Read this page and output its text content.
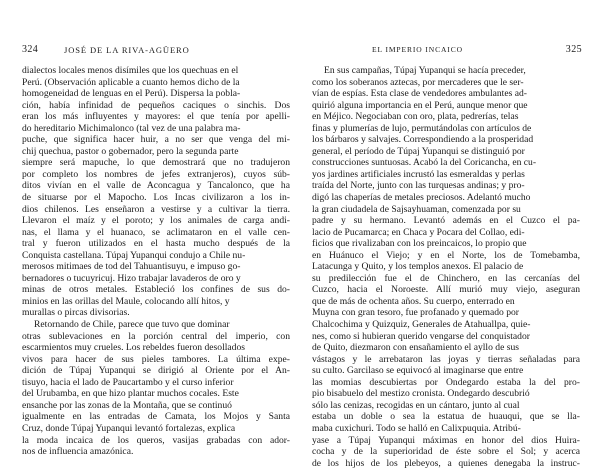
324	JOSÉ DE LA RIVA-AGÜERO
dialectos locales menos disímiles que los quechuas en el
Perú. (Observación aplicable a cuanto hemos dicho de la
homogeneidad de lenguas en el Perú). Dispersa la pobla-
ción, había infinidad de pequeños caciques o sinchis. Dos
eran los más influyentes y mayores: el que tenía por apelli-
do hereditario Michimalonco (tal vez de una palabra ma-
puche, que significa hacer huir, a no ser que venga del mi-
chij quechua, pastor o gobernador, pero la segunda parte
siempre será mapuche, lo que demostrará que no tradujeron
por completo los nombres de jefes extranjeros), cuyos súb-
ditos vivían en el valle de Aconcagua y Tancalonco, que ha
de situarse por el Mapocho. Los Incas civilizaron a los in-
dios chilenos. Les enseñaron a vestirse y a cultivar la tierra.
Llevaron el maíz y el poroto; y los animales de carga andi-
nas, el llama y el huanaco, se aclimataron en el valle cen-
tral y fueron utilizados en el hasta mucho después de la
Conquista castellana. Túpaj Yupanqui condujo a Chile nu-
merosos mitimaes de tod del Tahuantisuyu, e impuso go-
bernadores o tucuyricuj. Hizo trabajar lavaderos de oro y
minas de otros metales. Estableció los confines de sus do-
minios en las orillas del Maule, colocando allí hitos, y
murallas o pircas divisorias.
Retornando de Chile, parece que tuvo que dominar
otras sublevaciones en la porción central del imperio, con
escarmientos muy crueles. Los rebeldes fueron desollados
vivos para hacer de sus pieles tambores. La última expe-
dición de Túpaj Yupanqui se dirigió al Oriente por el An-
tisuyo, hacia el lado de Paucartambo y el curso inferior
del Urubamba, en que hizo plantar muchos cocales. Este
ensanche por las zonas de la Montaña, que se continuó
igualmente en las entradas de Camata, los Mojos y Santa
Cruz, donde Túpaj Yupanqui levantó fortalezas, explica
la moda incaica de los queros, vasijas grabadas con ador-
nos de influencia amazónica.
EL IMPERIO INCAICO	325
En sus campañas, Túpaj Yupanqui se hacía preceder,
como los soberanos aztecas, por mercaderes que le ser-
vían de espías. Esta clase de vendedores ambulantes ad-
quirió alguna importancia en el Perú, aunque menor que
en Méjico. Negociaban con oro, plata, pedrerías, telas
finas y plumerías de lujo, permutándolas con artículos de
los bárbaros y salvajes. Correspondiendo a la prosperidad
general, el período de Túpaj Yupanqui se distinguió por
construcciones suntuosas. Acabó la del Coricancha, en cu-
yos jardines artificiales incrustó las esmeraldas y perlas
traída del Norte, junto con las turquesas andinas; y pro-
digó las chaperías de metales preciosos. Adelantó mucho
la gran ciudadela de Sajsayhuaman, comenzada por su
padre y su hermano. Levantó además en el Cuzco el pa-
lacio de Pucamarca; en Chaca y Pocara del Collao, edi-
ficios que rivalizaban con los preincaicos, lo propio que
en Huánuco el Viejo; y en el Norte, los de Tomebamba,
Latacunga y Quito, y los templos anexos. El palacio de
su predilección fue el de Chinchero, en las cercanías del
Cuzco, hacia el Noroeste. Allí murió muy viejo, aseguran
que de más de ochenta años. Su cuerpo, enterrado en
Muyna con gran tesoro, fue profanado y quemado por
Chalcochima y Quizquiz, Generales de Atahuallpa, quie-
nes, como si hubieran querido vengarse del conquistador
de Quito, diezmaron con ensañamiento el ayllo de sus
vástagos y le arrebataron las joyas y tierras señaladas para
su culto. Garcilaso se equivocó al imaginarse que entre
las momias descubiertas por Ondegardo estaba la del pro-
pio bisabuelo del mestizo cronista. Ondegardo descubrió
sólo las cenizas, recogidas en un cántaro, junto al cual
estaba un doble o sea la estatua de huauqui, que se lla-
maba cuxichuri. Todo se halló en Calixpuquia. Atribú-
yase a Túpaj Yupanqui máximas en honor del dios Huira-
cocha y de la superioridad de éste sobre el Sol; y acerca
de los hijos de los plebeyos, a quienes denegaba la instruc-
